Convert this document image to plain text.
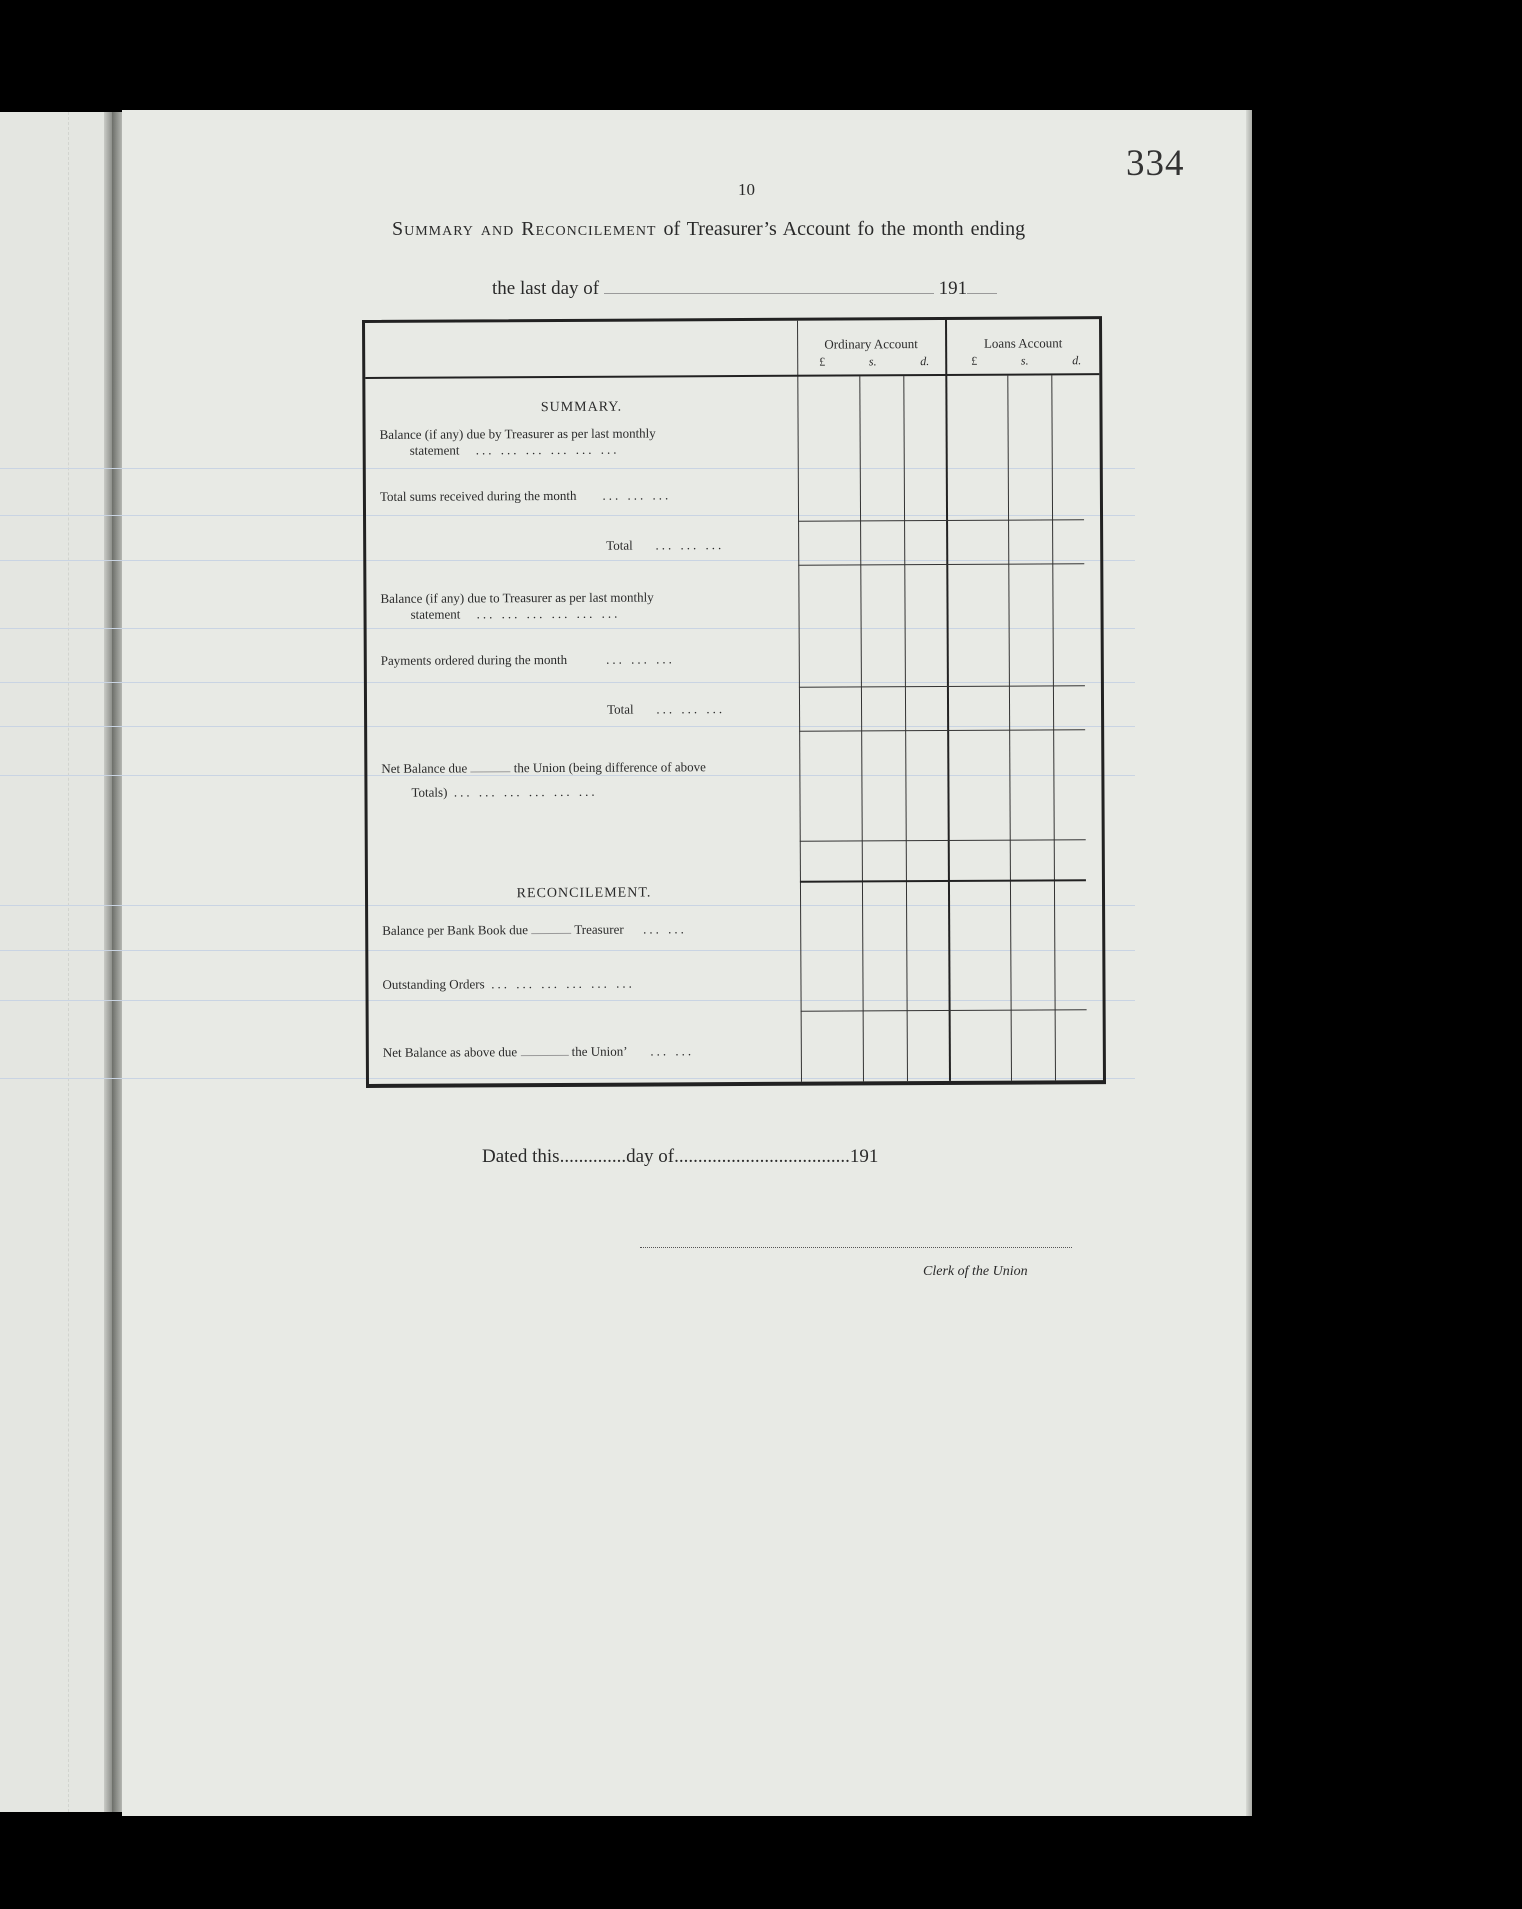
10
334
Summary and Reconcilement of Treasurer’s Account fo the month ending
the last day of	191
Ordinary Account
£	s.	d.
Loans Account
£	s.	d.
SUMMARY.
Balance (if any) due by Treasurer as per last monthly
statement ... ... ... ... ... ...
Total sums received during the month ... ... ...
Total ... ... ...
Balance (if any) due to Treasurer as per last monthly
statement ... ... ... ... ... ...
Payments ordered during the month	... ... ...
Total ... ... ...
Net Balance due	the Union (being difference of above
Totals) ... ... ... ... ... ...
RECONCILEMENT.
Balance per Bank Book due	Treasurer ... ...
Outstanding Orders ... ... ... ... ... ...
Net Balance as above due	the Union’ ... ...
Dated this..............day of.....................................191
Clerk of the Union
